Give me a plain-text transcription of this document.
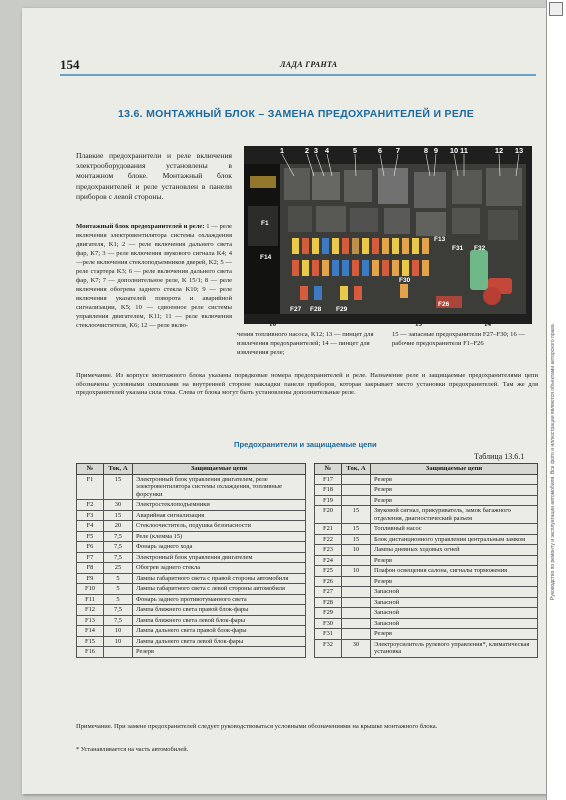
154	ЛАДА ГРАНТА
13.6. МОНТАЖНЫЙ БЛОК – ЗАМЕНА ПРЕДОХРАНИТЕЛЕЙ И РЕЛЕ
Плавкие предохранители и реле включения электрооборудования установлены в монтажном блоке. Монтажный блок предохранителей и реле установлен в панели приборов с левой стороны.
Монтажный блок предохранителей и реле: 1 — реле включения электровентилятора системы охлаждения двигателя, K1; 2 — реле включения дальнего света фар, K7; 3 — реле включения звукового сигнала K4; 4 —реле включения стеклоподъемников дверей, K2; 5 — реле стартера K3; 6 — реле включения дальнего света фар, K7; 7 — дополнительное реле, K 15/1; 8 — реле включения обогрева заднего стекла K10; 9 — реле включения указателей поворота и аварийной сигнализации, K5; 10 — сдвоенное реле системы управления двигателем, K11; 11 — реле включения стеклоочистителя, K6; 12 — реле вклю-
1	2 3 4	5	6 7	8 9 10 11	12 13
F1
F13
F14
F27 F28 F29
F30
F31 F32
F26
16	15	14
чения топливного насоса, K12; 13 — пинцет для извлечения предохранителей; 14 — пинцет для извлечения реле;
15 — запасные предохранители F27–F30; 16 — рабочие предохранители F1–F26
Примечание. Из корпусе монтажного блока указаны порядковые номера предохранителей и реле. Назначение реле и защищаемые предохранителями цепи обозначены условными символами на внутренней стороне накладки панели приборов, которая закрывает место установки предохранителей. Там же для предохранителей указана сила тока. Слева от блока могут быть установлены дополнительные реле.
Предохранители и защищаемые цепи
Таблица 13.6.1
№	Ток, А	Защищаемые цепи
F1	15	Электронный блок управления двигателем, реле электровентилятора системы охлаждения, топливные форсунки
F2	30	Электростеклоподъемники
F3	15	Аварийная сигнализация
F4	20	Стеклоочиститель, подушка безопасности
F5	7,5	Реле (клемма 15)
F6	7,5	Фонарь заднего хода
F7	7,5	Электронный блок управления двигателем
F8	25	Обогрев заднего стекла
F9	5	Лампы габаритного света с правой стороны автомобиля
F10	5	Лампы габаритного света с левой стороны автомобиля
F11	5	Фонарь заднего противотуманного света
F12	7,5	Лампа ближнего света правой блок-фары
F13	7,5	Лампа ближнего света левой блок-фары
F14	10	Лампа дальнего света правой блок-фары
F15	10	Лампа дальнего света левой блок-фары
F16		Резерв
№	Ток, А	Защищаемые цепи
F17		Резерв
F18		Резерв
F19		Резерв
F20	15	Звуковой сигнал, прикуриватель, замок багажного отделения, диагностический разъем
F21	15	Топливный насос
F22	15	Блок дистанционного управления центральным замком
F23	10	Лампы дневных ходовых огней
F24		Резерв
F25	10	Плафон освещения салона, сигналы торможения
F26		Резерв
F27		Запасной
F28		Запасной
F29		Запасной
F30		Запасной
F31		Резерв
F32	30	Электроусилитель рулевого управления*, климатическая установка
Примечание. При замене предохранителей следует руководствоваться условными обозначениями на крышке монтажного блока.
* Устанавливается на часть автомобилей.
Руководство по ремонту и эксплуатации автомобиля. Все фото и иллюстрации являются объектами авторского права.
